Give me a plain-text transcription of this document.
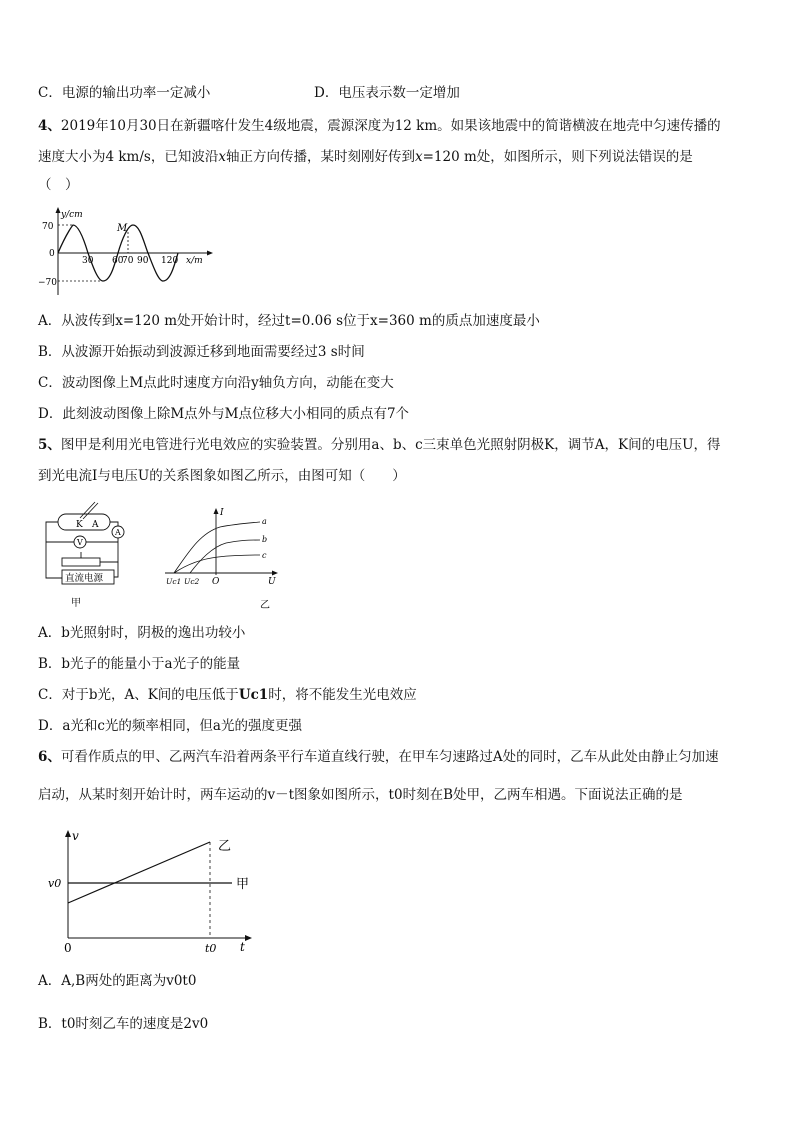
C．电源的输出功率一定减小	D．电压表示数一定增加
4、2019年10月30日在新疆喀什发生4级地震，震源深度为12 km。如果该地震中的简谐横波在地壳中匀速传播的
速度大小为4 km/s，已知波沿x轴正方向传播，某时刻刚好传到x=120 m处，如图所示，则下列说法错误的是
（　）
y/cm
x/m
70
0
−70
30 60
70 90 120
M
A．从波传到x=120 m处开始计时，经过t=0.06 s位于x=360 m的质点加速度最小
B．从波源开始振动到波源迁移到地面需要经过3 s时间
C．波动图像上M点此时速度方向沿y轴负方向，动能在变大
D．此刻波动图像上除M点外与M点位移大小相同的质点有7个
5、图甲是利用光电管进行光电效应的实验装置。分别用a、b、c三束单色光照射阴极K，调节A，K间的电压U，得
到光电流I与电压U的关系图象如图乙所示，由图可知（　　）
K A
A
V
直流电源
甲
I
U
O
Uc1 Uc2
a
b
c
乙
A．b光照射时，阴极的逸出功较小
B．b光子的能量小于a光子的能量
C．对于b光，A、K间的电压低于Uc1时，将不能发生光电效应
D．a光和c光的频率相同，但a光的强度更强
6、可看作质点的甲、乙两汽车沿着两条平行车道直线行驶，在甲车匀速路过A处的同时，乙车从此处由静止匀加速
启动，从某时刻开始计时，两车运动的v－t图象如图所示，t0时刻在B处甲，乙两车相遇。下面说法正确的是
v
t
0
v0
t0
乙
甲
A．A,B两处的距离为v0t0
B．t0时刻乙车的速度是2v0
